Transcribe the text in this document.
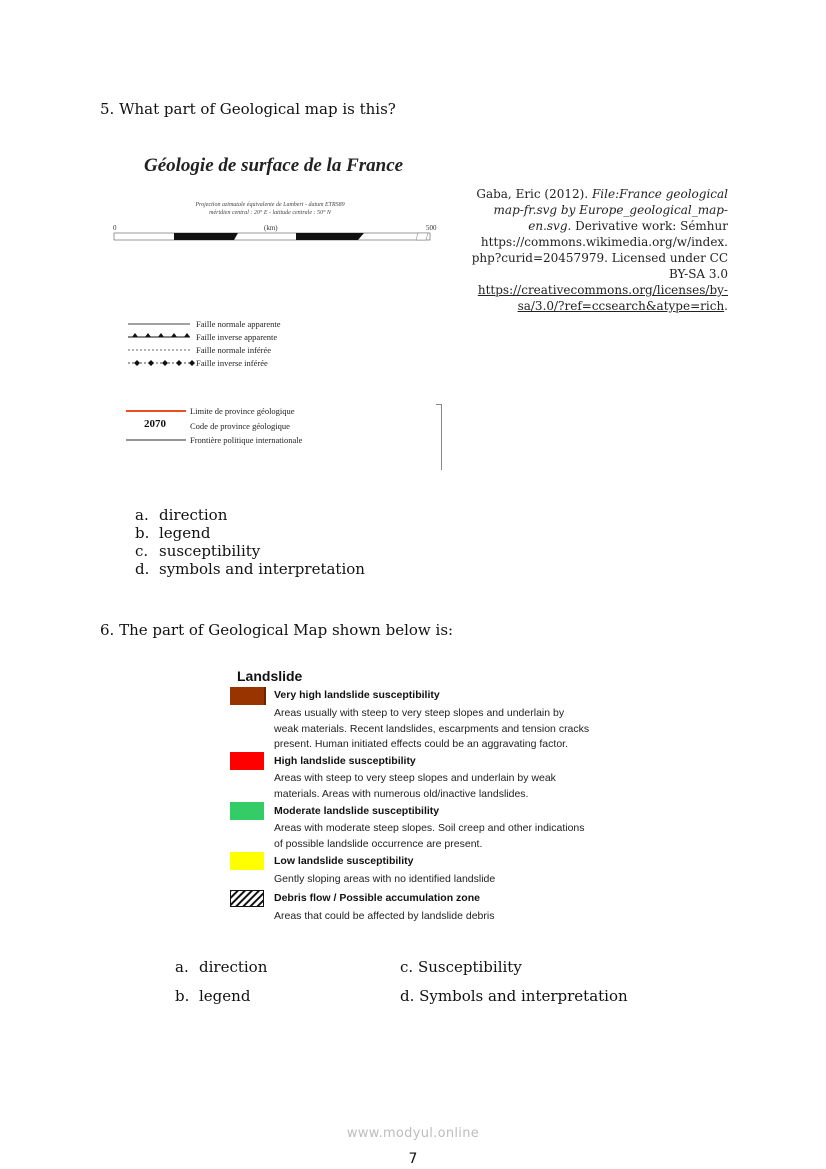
5. What part of Geological map is this?
Géologie de surface de la France
Projection azimutale équivalente de Lambert - datum ETRS89
méridien central : 20° E - latitude centrale : 50° N
0	(km)	500
Faille normale apparente
Faille inverse apparente
Faille normale inférée
Faille inverse inférée
Limite de province géologique
2070	Code de province géologique
Frontière politique internationale
Gaba, Eric (2012). File:France geological
map-fr.svg by Europe_geological_map-
en.svg. Derivative work: Sémhur
https://commons.wikimedia.org/w/index.
php?curid=20457979. Licensed under CC
BY-SA 3.0
https://creativecommons.org/licenses/by-
sa/3.0/?ref=ccsearch&atype=rich.
a. direction
b. legend
c. susceptibility
d. symbols and interpretation
6. The part of Geological Map shown below is:
Landslide
Very high landslide susceptibility
Areas usually with steep to very steep slopes and underlain by
weak materials. Recent landslides, escarpments and tension cracks
present. Human initiated effects could be an aggravating factor.
High landslide susceptibility
Areas with steep to very steep slopes and underlain by weak
materials. Areas with numerous old/inactive landslides.
Moderate landslide susceptibility
Areas with moderate steep slopes. Soil creep and other indications
of possible landslide occurrence are present.
Low landslide susceptibility
Gently sloping areas with no identified landslide
Debris flow / Possible accumulation zone
Areas that could be affected by landslide debris
a. direction
b. legend
c. Susceptibility
d. Symbols and interpretation
www.modyul.online
7
